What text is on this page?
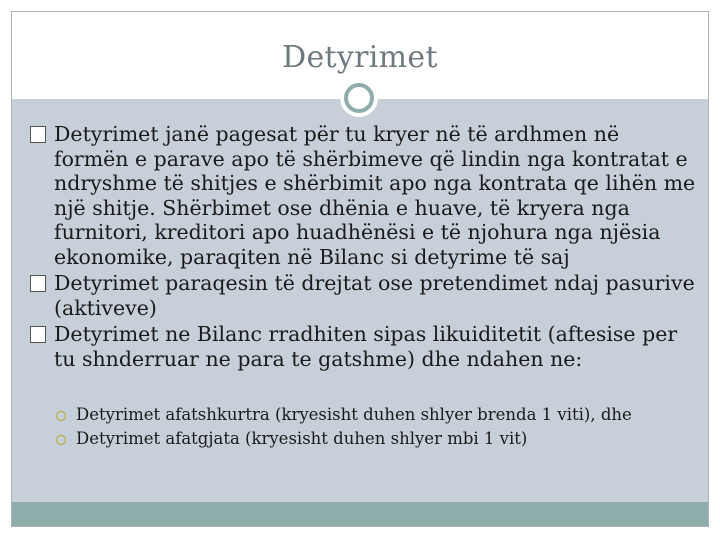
Detyrimet
Detyrimet janë pagesat për tu kryer në të ardhmen në formën e parave apo të shërbimeve që lindin nga kontratat e ndryshme të shitjes e shërbimit apo nga kontrata qe lihën me një shitje. Shërbimet ose dhënia e huave, të kryera nga furnitori, kreditori apo huadhënësi e të njohura nga njësia ekonomike, paraqiten në Bilanc si detyrime të saj
Detyrimet paraqesin të drejtat ose pretendimet ndaj pasurive (aktiveve)
Detyrimet ne Bilanc rradhiten sipas likuiditetit (aftesise per tu shnderruar ne para te gatshme) dhe ndahen ne:
Detyrimet afatshkurtra (kryesisht duhen shlyer brenda 1 viti), dhe
Detyrimet afatgjata (kryesisht duhen shlyer mbi 1 vit)
